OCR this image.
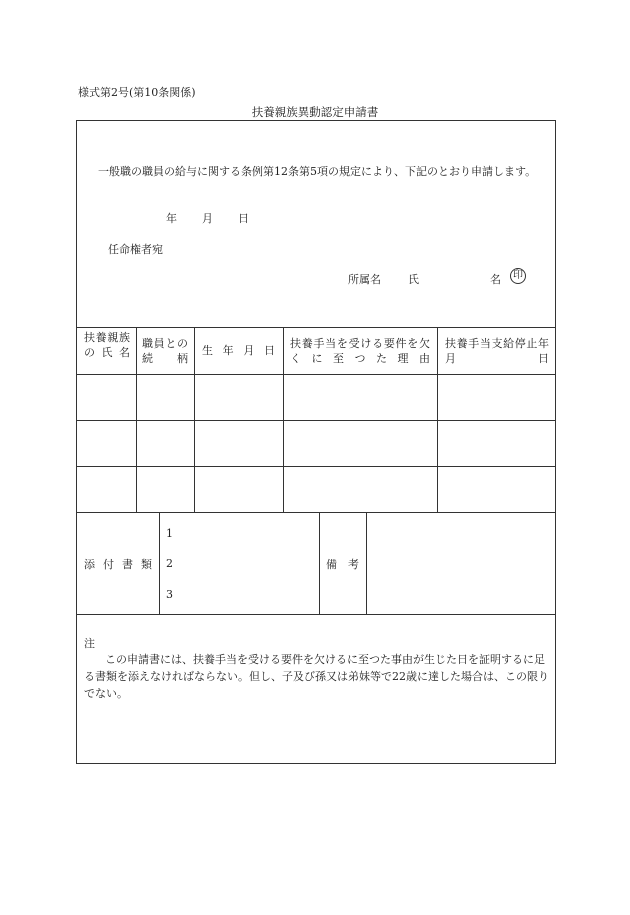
様式第2号(第10条関係)
扶養親族異動認定申請書
一般職の職員の給与に関する条例第12条第5項の規定により、下記のとおり申請します。
年 月 日
任命権者宛
所属名 氏	名	印
扶養親族の氏名
職員との続柄
生年月日
扶養手当を受ける要件を欠くに至つた理由
扶養手当支給停止年月日
添付書類
1
2
3
備考
注
この申請書には、扶養手当を受ける要件を欠けるに至つた事由が生じた日を証明するに足る書類を添えなければならない。但し、子及び孫又は弟妹等で22歳に達した場合は、この限りでない。
